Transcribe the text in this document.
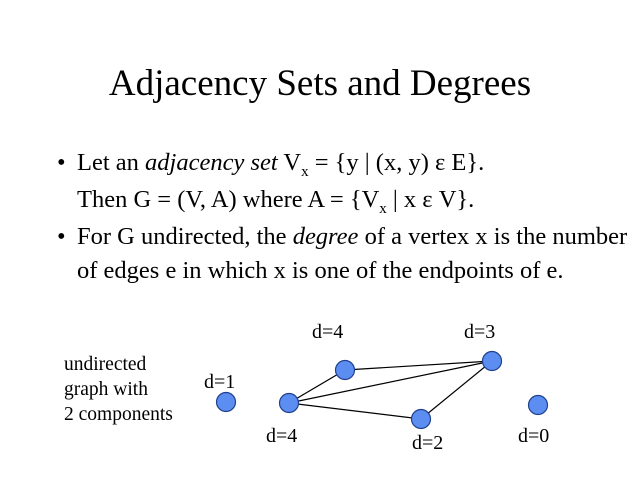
Adjacency Sets and Degrees
• Let an adjacency set $V_x = \{y$ | (x, y) ε E}.
Then G = (V, A) where $A = \{V_x$ | x ε V}.
• For G undirected, the degree of a vertex x is the number of edges e in which x is one of the endpoints of e.
undirected
graph with
2 components
d=1
d=4
d=4
d=3
d=2	d=0
